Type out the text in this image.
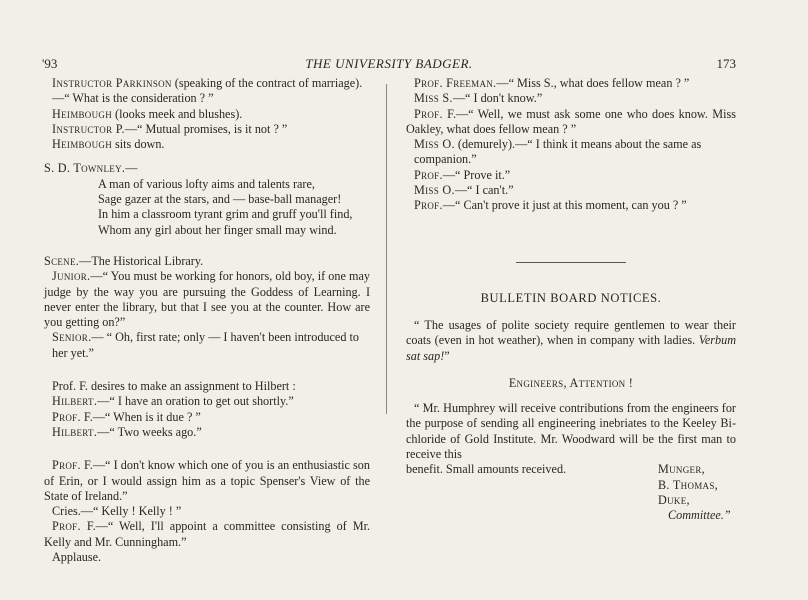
'93	THE UNIVERSITY BADGER.	173

Instructor Parkinson (speaking of the contract of marriage).—“ What is the consideration ? ”

Heimbough (looks meek and blushes).

Instructor P.—“ Mutual promises, is it not ? ”

Heimbough sits down.

S. D. Townley.—

A man of various lofty aims and talents rare,

Sage gazer at the stars, and — base-ball manager!

In him a classroom tyrant grim and gruff you'll find,

Whom any girl about her finger small may wind.

Scene.—The Historical Library.

Junior.—“ You must be working for honors, old boy, if one may judge by the way you are pursuing the Goddess of Learning. I never enter the library, but that I see you at the counter. How are you getting on?”

Senior.— “ Oh, first rate; only — I haven't been introduced to her yet.”

Prof. F. desires to make an assignment to Hilbert :

Hilbert.—“ I have an oration to get out shortly.”

Prof. F.—“ When is it due ? ”

Hilbert.—“ Two weeks ago.”

Prof. F.—“ I don't know which one of you is an enthusiastic son of Erin, or I would assign him as a topic Spenser's View of the State of Ireland.”

Cries.—“ Kelly ! Kelly ! ”

Prof. F.—“ Well, I'll appoint a committee consisting of Mr. Kelly and Mr. Cunningham.”

Applause.

Prof. Freeman.—“ Miss S., what does fellow mean ? ”

Miss S.—“ I don't know.”

Prof. F.—“ Well, we must ask some one who does know. Miss Oakley, what does fellow mean ? ”

Miss O. (demurely).—“ I think it means about the same as companion.”

Prof.—“ Prove it.”

Miss O.—“ I can't.”

Prof.—“ Can't prove it just at this moment, can you ? ”

BULLETIN BOARD NOTICES.

“ The usages of polite society require gentlemen to wear their coats (even in hot weather), when in company with ladies. Verbum sat sap!”

Engineers, Attention !

“ Mr. Humphrey will receive contributions from the engineers for the purpose of sending all engineering inebriates to the Keeley Bi-chloride of Gold Institute. Mr. Woodward will be the first man to receive this

benefit. Small amounts received.	Munger,

B. Thomas,

Duke,

Committee.”
